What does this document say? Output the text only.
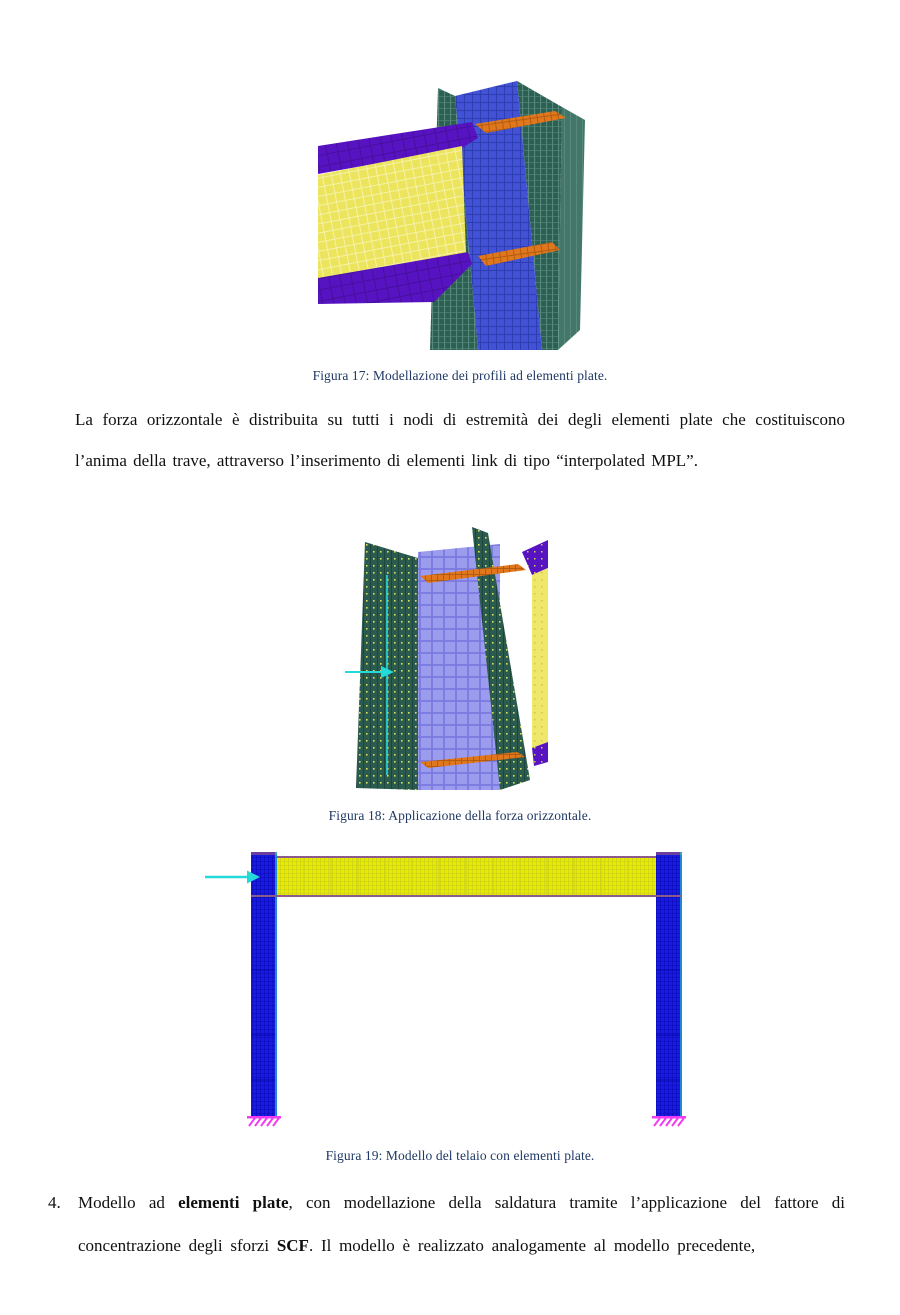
Figura 17: Modellazione dei profili ad elementi plate.

La forza orizzontale è distribuita su tutti i nodi di estremità dei degli elementi plate che costituiscono l’anima della trave, attraverso l’inserimento di elementi link di tipo “interpolated MPL”.

Figura 18: Applicazione della forza orizzontale.
Figura 19: Modello del telaio con elementi plate.
4.	Modello ad elementi plate, con modellazione della saldatura tramite l’applicazione del fattore di concentrazione degli sforzi SCF. Il modello è realizzato analogamente al modello precedente,
